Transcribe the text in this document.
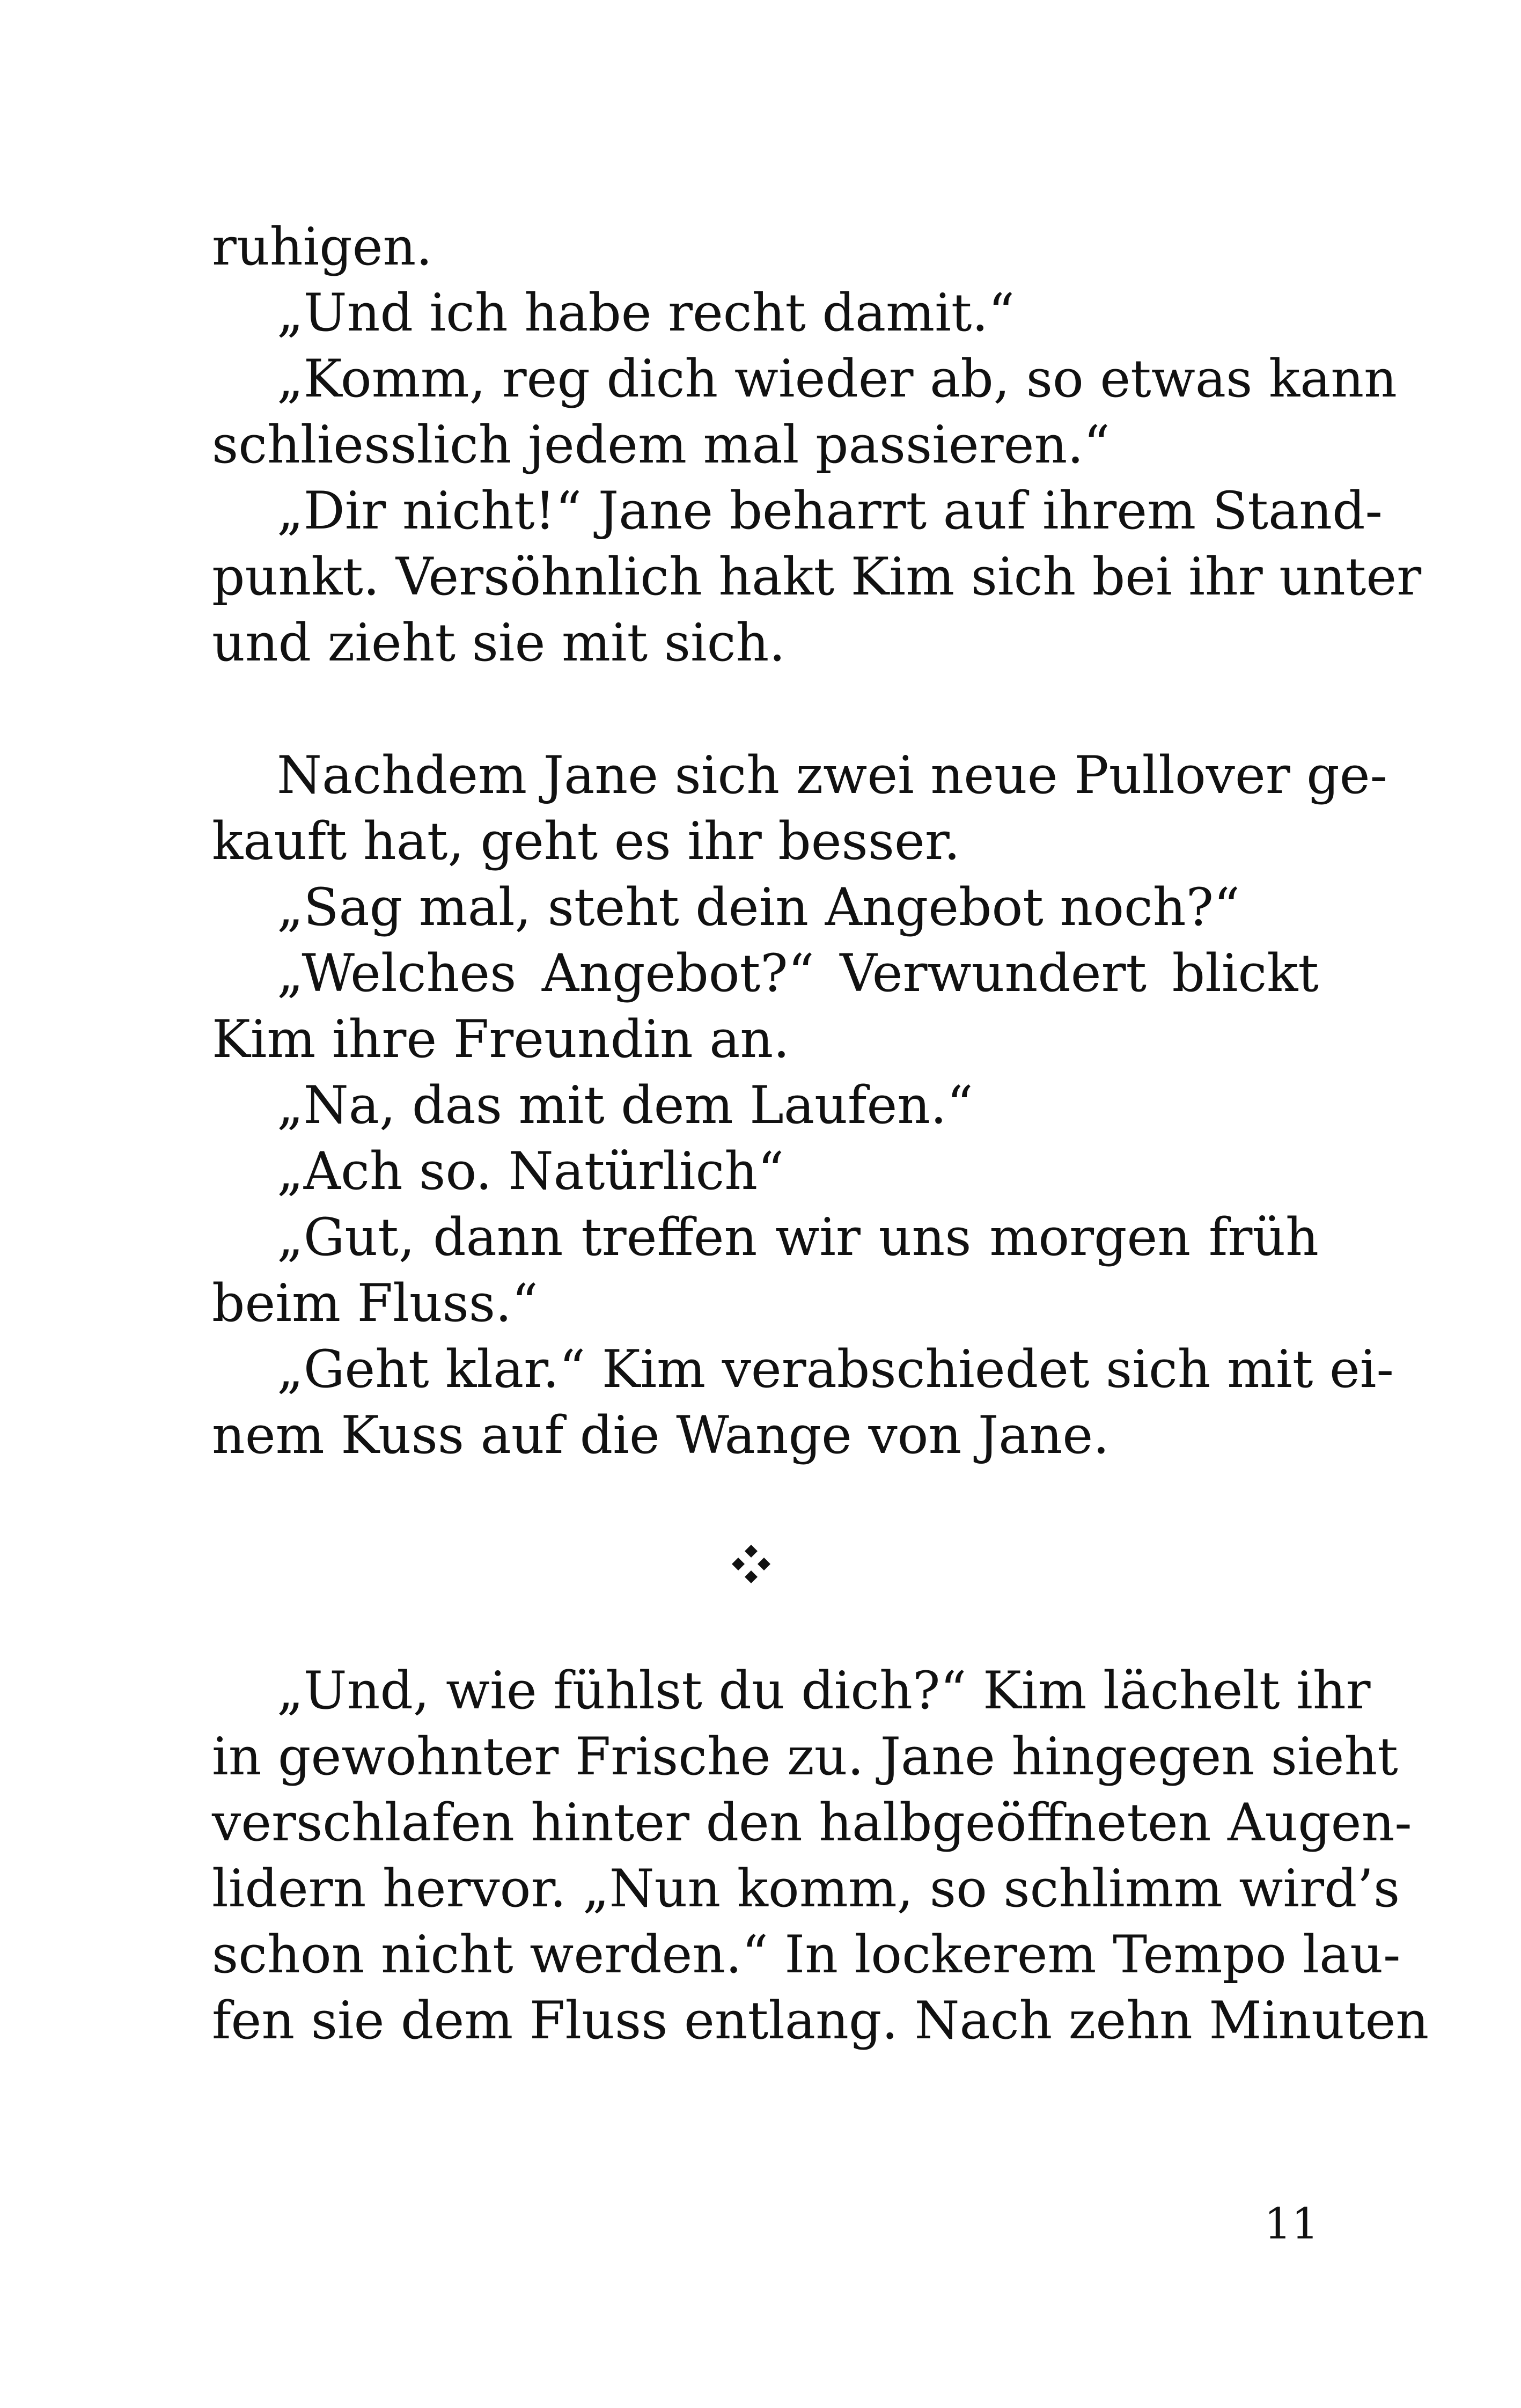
ruhigen.
„Und ich habe recht damit.“
„Komm, reg dich wieder ab, so etwas kann
schliesslich jedem mal passieren.“
„Dir nicht!“ Jane beharrt auf ihrem Stand-
punkt. Versöhnlich hakt Kim sich bei ihr unter
und zieht sie mit sich.
Nachdem Jane sich zwei neue Pullover ge-
kauft hat, geht es ihr besser.
„Sag mal, steht dein Angebot noch?“
„Welches Angebot?“ Verwundert blickt
Kim ihre Freundin an.
„Na, das mit dem Laufen.“
„Ach so. Natürlich“
„Gut, dann treffen wir uns morgen früh
beim Fluss.“
„Geht klar.“ Kim verabschiedet sich mit ei-
nem Kuss auf die Wange von Jane.
„Und, wie fühlst du dich?“ Kim lächelt ihr
in gewohnter Frische zu. Jane hingegen sieht
verschlafen hinter den halbgeöffneten Augen-
lidern hervor. „Nun komm, so schlimm wird’s
schon nicht werden.“ In lockerem Tempo lau-
fen sie dem Fluss entlang. Nach zehn Minuten
11
